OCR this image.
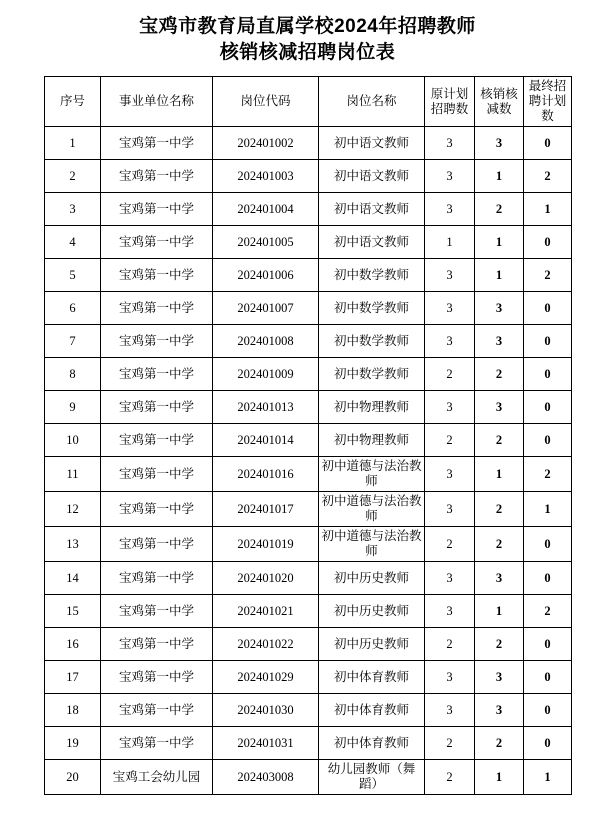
宝鸡市教育局直属学校2024年招聘教师
核销核减招聘岗位表
序号	事业单位名称	岗位代码	岗位名称	原计划招聘数	核销核减数	最终招聘计划数
1	宝鸡第一中学	202401002	初中语文教师	3	3	0
2	宝鸡第一中学	202401003	初中语文教师	3	1	2
3	宝鸡第一中学	202401004	初中语文教师	3	2	1
4	宝鸡第一中学	202401005	初中语文教师	1	1	0
5	宝鸡第一中学	202401006	初中数学教师	3	1	2
6	宝鸡第一中学	202401007	初中数学教师	3	3	0
7	宝鸡第一中学	202401008	初中数学教师	3	3	0
8	宝鸡第一中学	202401009	初中数学教师	2	2	0
9	宝鸡第一中学	202401013	初中物理教师	3	3	0
10	宝鸡第一中学	202401014	初中物理教师	2	2	0
11	宝鸡第一中学	202401016	初中道德与法治教师	3	1	2
12	宝鸡第一中学	202401017	初中道德与法治教师	3	2	1
13	宝鸡第一中学	202401019	初中道德与法治教师	2	2	0
14	宝鸡第一中学	202401020	初中历史教师	3	3	0
15	宝鸡第一中学	202401021	初中历史教师	3	1	2
16	宝鸡第一中学	202401022	初中历史教师	2	2	0
17	宝鸡第一中学	202401029	初中体育教师	3	3	0
18	宝鸡第一中学	202401030	初中体育教师	3	3	0
19	宝鸡第一中学	202401031	初中体育教师	2	2	0
20	宝鸡工会幼儿园	202403008	幼儿园教师（舞蹈）	2	1	1
